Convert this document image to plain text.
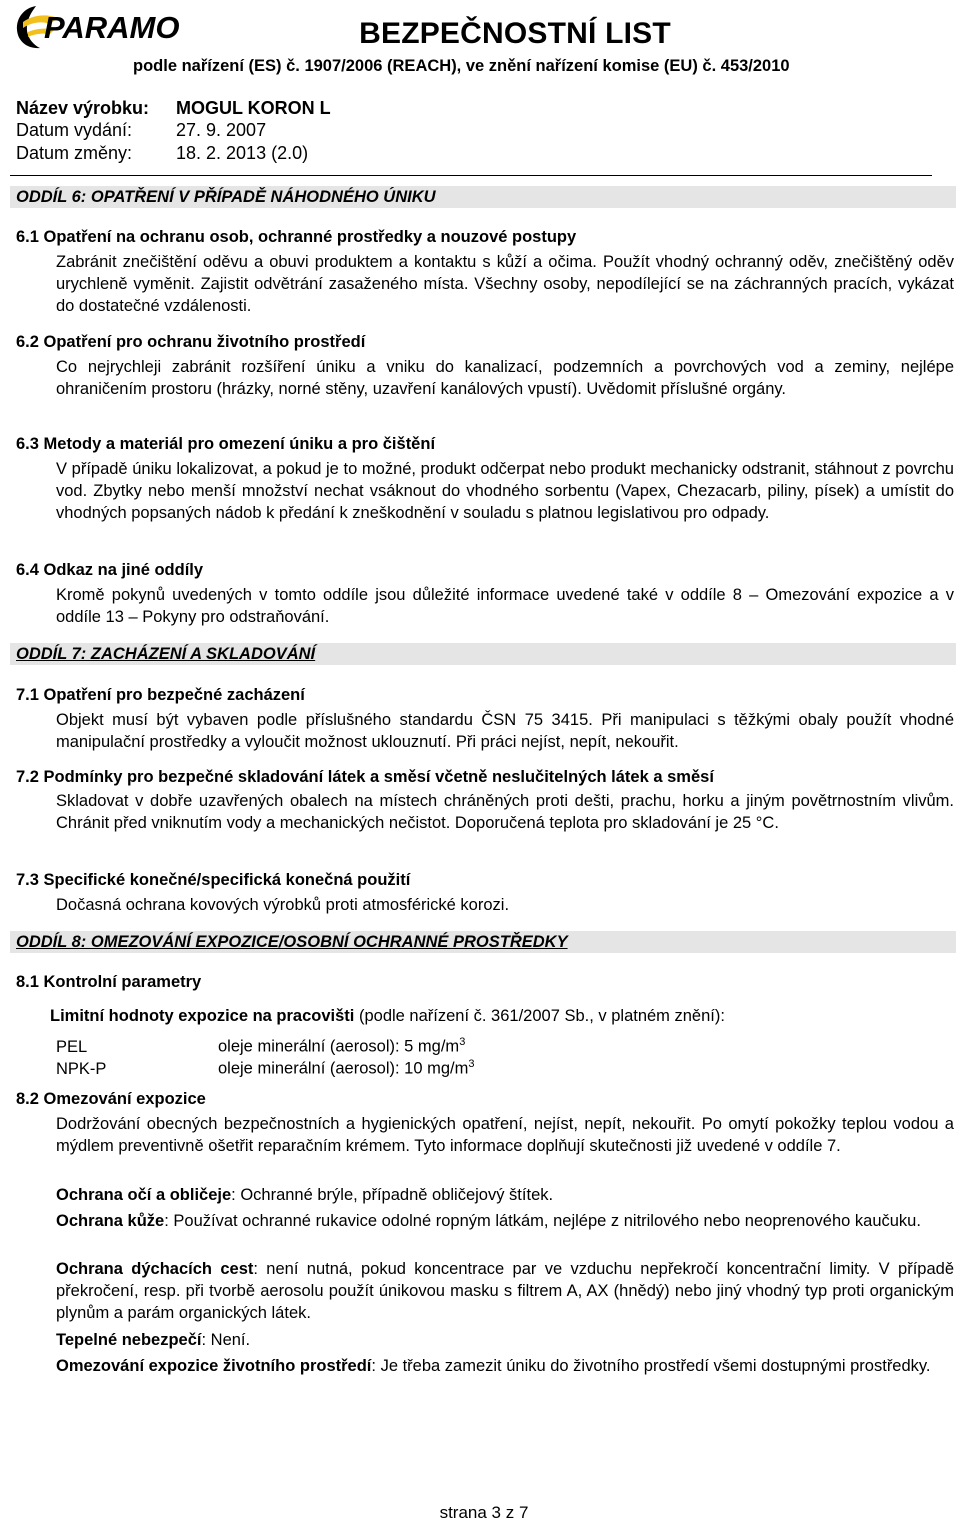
PARAMO	BEZPEČNOSTNÍ LIST
podle nařízení (ES) č. 1907/2006 (REACH), ve znění nařízení komise (EU) č. 453/2010
Název výrobku: MOGUL KORON L
Datum vydání: 27. 9. 2007
Datum změny: 18. 2. 2013 (2.0)
ODDÍL 6: OPATŘENÍ V PŘÍPADĚ NÁHODNÉHO ÚNIKU
6.1 Opatření na ochranu osob, ochranné prostředky a nouzové postupy
Zabránit znečištění oděvu a obuvi produktem a kontaktu s kůží a očima. Použít vhodný ochranný oděv, znečištěný oděv urychleně vyměnit. Zajistit odvětrání zasaženého místa. Všechny osoby, nepodílející se na záchranných pracích, vykázat do dostatečné vzdálenosti.
6.2 Opatření pro ochranu životního prostředí
Co nejrychleji zabránit rozšíření úniku a vniku do kanalizací, podzemních a povrchových vod a zeminy, nejlépe ohraničením prostoru (hrázky, norné stěny, uzavření kanálových vpustí). Uvědomit příslušné orgány.
6.3 Metody a materiál pro omezení úniku a pro čištění
V případě úniku lokalizovat, a pokud je to možné, produkt odčerpat nebo produkt mechanicky odstranit, stáhnout z povrchu vod. Zbytky nebo menší množství nechat vsáknout do vhodného sorbentu (Vapex, Chezacarb, piliny, písek) a umístit do vhodných popsaných nádob k předání k zneškodnění v souladu s platnou legislativou pro odpady.
6.4 Odkaz na jiné oddíly
Kromě pokynů uvedených v tomto oddíle jsou důležité informace uvedené také v oddíle 8 – Omezování expozice a v oddíle 13 – Pokyny pro odstraňování.
ODDÍL 7: ZACHÁZENÍ A SKLADOVÁNÍ
7.1 Opatření pro bezpečné zacházení
Objekt musí být vybaven podle příslušného standardu ČSN 75 3415. Při manipulaci s těžkými obaly použít vhodné manipulační prostředky a vyloučit možnost uklouznutí. Při práci nejíst, nepít, nekouřit.
7.2 Podmínky pro bezpečné skladování látek a směsí včetně neslučitelných látek a směsí
Skladovat v dobře uzavřených obalech na místech chráněných proti dešti, prachu, horku a jiným povětrnostním vlivům. Chránit před vniknutím vody a mechanických nečistot. Doporučená teplota pro skladování je 25 °C.
7.3 Specifické konečné/specifická konečná použití
Dočasná ochrana kovových výrobků proti atmosférické korozi.
ODDÍL 8: OMEZOVÁNÍ EXPOZICE/OSOBNÍ OCHRANNÉ PROSTŘEDKY
8.1 Kontrolní parametry
Limitní hodnoty expozice na pracovišti (podle nařízení č. 361/2007 Sb., v platném znění):
PEL	oleje minerální (aerosol): 5 $mg/m^3$
NPK-P	oleje minerální (aerosol): 10 $mg/m^3$
8.2 Omezování expozice
Dodržování obecných bezpečnostních a hygienických opatření, nejíst, nepít, nekouřit. Po omytí pokožky teplou vodou a mýdlem preventivně ošetřit reparačním krémem. Tyto informace doplňují skutečnosti již uvedené v oddíle 7.
Ochrana očí a obličeje: Ochranné brýle, případně obličejový štítek.
Ochrana kůže: Používat ochranné rukavice odolné ropným látkám, nejlépe z nitrilového nebo neoprenového kaučuku.
Ochrana dýchacích cest: není nutná, pokud koncentrace par ve vzduchu nepřekročí koncentrační limity. V případě překročení, resp. při tvorbě aerosolu použít únikovou masku s filtrem A, AX (hnědý) nebo jiný vhodný typ proti organickým plynům a parám organických látek.
Tepelné nebezpečí: Není.
Omezování expozice životního prostředí: Je třeba zamezit úniku do životního prostředí všemi dostupnými prostředky.
strana 3 z 7
